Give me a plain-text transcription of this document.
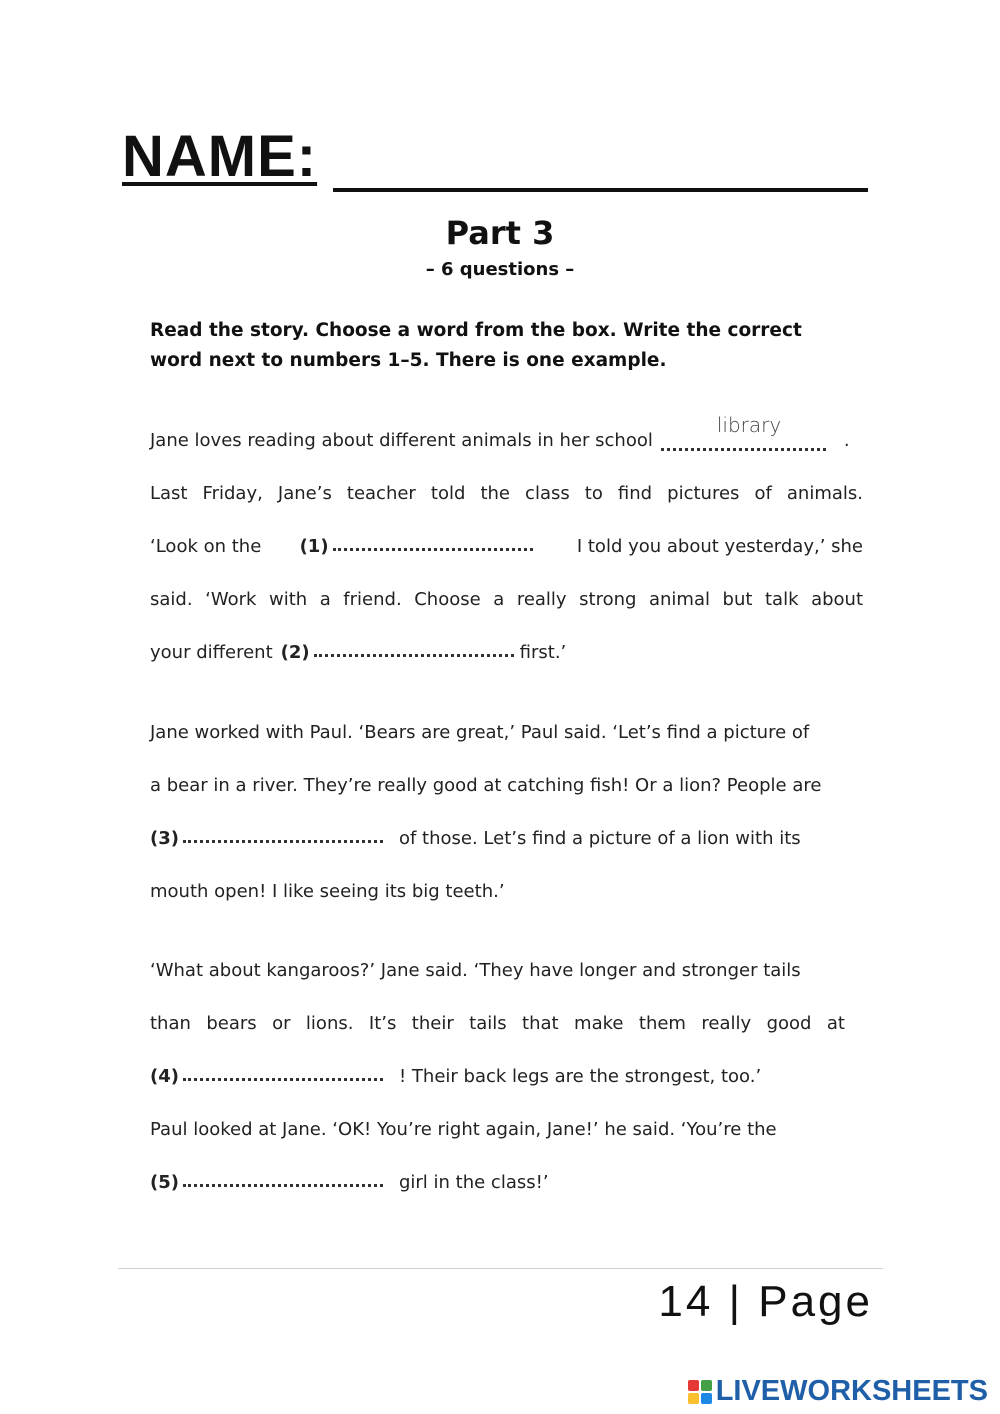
NAME:
Part 3
– 6 questions –
Read the story. Choose a word from the box. Write the correct
word next to numbers 1–5. There is one example.
Jane loves reading about different animals in her school
library
.
Last Friday, Jane’s teacher told the class to find pictures of animals.
‘Look on the (1)	I told you about yesterday,’ she
said. ‘Work with a friend. Choose a really strong animal but talk about
your different (2)	first.’
Jane worked with Paul. ‘Bears are great,’ Paul said. ‘Let’s find a picture of
a bear in a river. They’re really good at catching fish! Or a lion? People are
(3)	of those. Let’s find a picture of a lion with its
mouth open! I like seeing its big teeth.’
‘What about kangaroos?’ Jane said. ‘They have longer and stronger tails
than bears or lions. It’s their tails that make them really good at
(4)	! Their back legs are the strongest, too.’
Paul looked at Jane. ‘OK! You’re right again, Jane!’ he said. ‘You’re the
(5)	girl in the class!’
14 | Page
LIVEWORKSHEETS
